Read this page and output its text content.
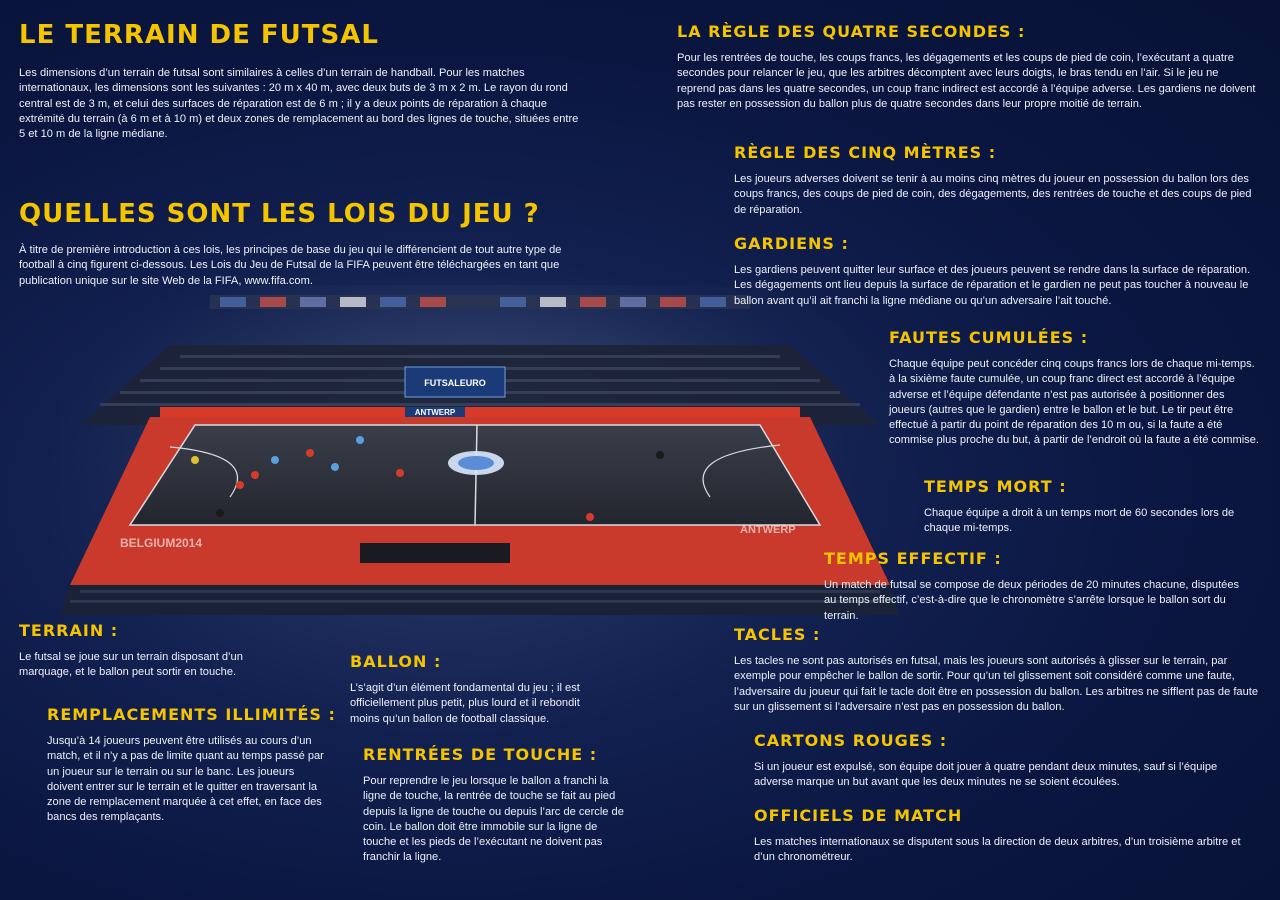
FUTSALEURO
ANTWERP
BELGIUM2014
ANTWERP
LE TERRAIN DE FUTSAL

Les dimensions d’un terrain de futsal sont similaires à celles d’un terrain de handball. Pour les matches internationaux, les dimensions sont les suivantes : 20 m x 40 m, avec deux buts de 3 m x 2 m. Le rayon du rond central est de 3 m, et celui des surfaces de réparation est de 6 m ; il y a deux points de réparation à chaque extrémité du terrain (à 6 m et à 10 m) et deux zones de remplacement au bord des lignes de touche, situées entre 5 et 10 m de la ligne médiane.

QUELLES SONT LES LOIS DU JEU ?

À titre de première introduction à ces lois, les principes de base du jeu qui le différencient de tout autre type de football à cinq figurent ci-dessous. Les Lois du Jeu de Futsal de la FIFA peuvent être téléchargées en tant que publication unique sur le site Web de la FIFA, www.fifa.com.

TERRAIN :

Le futsal se joue sur un terrain disposant d’un marquage, et le ballon peut sortir en touche.

REMPLACEMENTS ILLIMITÉS :

Jusqu’à 14 joueurs peuvent être utilisés au cours d’un match, et il n’y a pas de limite quant au temps passé par un joueur sur le terrain ou sur le banc. Les joueurs doivent entrer sur le terrain et le quitter en traversant la zone de remplacement marquée à cet effet, en face des bancs des remplaçants.

BALLON :

L’s’agit d’un élément fondamental du jeu ; il est officiellement plus petit, plus lourd et il rebondit moins qu’un ballon de football classique.

RENTRÉES DE TOUCHE :

Pour reprendre le jeu lorsque le ballon a franchi la ligne de touche, la rentrée de touche se fait au pied depuis la ligne de touche ou depuis l’arc de cercle de coin. Le ballon doit être immobile sur la ligne de touche et les pieds de l’exécutant ne doivent pas franchir la ligne.

LA RÈGLE DES QUATRE SECONDES :

Pour les rentrées de touche, les coups francs, les dégagements et les coups de pied de coin, l’exécutant a quatre secondes pour relancer le jeu, que les arbitres décomptent avec leurs doigts, le bras tendu en l’air. Si le jeu ne reprend pas dans les quatre secondes, un coup franc indirect est accordé à l’équipe adverse. Les gardiens ne doivent pas rester en possession du ballon plus de quatre secondes dans leur propre moitié de terrain.

RÈGLE DES CINQ MÈTRES :

Les joueurs adverses doivent se tenir à au moins cinq mètres du joueur en possession du ballon lors des coups francs, des coups de pied de coin, des dégagements, des rentrées de touche et des coups de pied de réparation.

GARDIENS :

Les gardiens peuvent quitter leur surface et des joueurs peuvent se rendre dans la surface de réparation. Les dégagements ont lieu depuis la surface de réparation et le gardien ne peut pas toucher à nouveau le ballon avant qu’il ait franchi la ligne médiane ou qu’un adversaire l’ait touché.

FAUTES CUMULÉES :

Chaque équipe peut concéder cinq coups francs lors de chaque mi-temps. à la sixième faute cumulée, un coup franc direct est accordé à l’équipe adverse et l’équipe défendante n’est pas autorisée à positionner des joueurs (autres que le gardien) entre le ballon et le but. Le tir peut être effectué à partir du point de réparation des 10 m ou, si la faute a été commise plus proche du but, à partir de l’endroit où la faute a été commise.

TEMPS MORT :

Chaque équipe a droit à un temps mort de 60 secondes lors de chaque mi-temps.

TEMPS EFFECTIF :

Un match de futsal se compose de deux périodes de 20 minutes chacune, disputées au temps effectif, c’est-à-dire que le chronomètre s’arrête lorsque le ballon sort du terrain.

TACLES :

Les tacles ne sont pas autorisés en futsal, mais les joueurs sont autorisés à glisser sur le terrain, par exemple pour empêcher le ballon de sortir. Pour qu’un tel glissement soit considéré comme une faute, l’adversaire du joueur qui fait le tacle doit être en possession du ballon. Les arbitres ne sifflent pas de faute sur un glissement si l’adversaire n’est pas en possession du ballon.

CARTONS ROUGES :

Si un joueur est expulsé, son équipe doit jouer à quatre pendant deux minutes, sauf si l’équipe adverse marque un but avant que les deux minutes ne se soient écoulées.

OFFICIELS DE MATCH

Les matches internationaux se disputent sous la direction de deux arbitres, d’un troisième arbitre et d’un chronométreur.
